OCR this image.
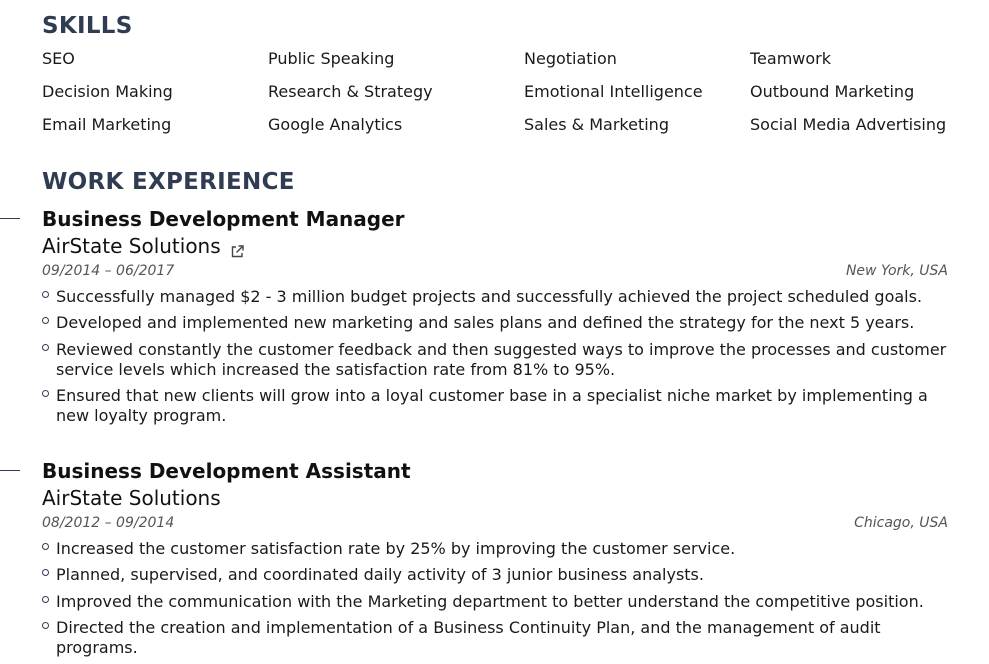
SKILLS
SEO	Public Speaking	Negotiation	Teamwork
Decision Making	Research & Strategy	Emotional Intelligence	Outbound Marketing
Email Marketing	Google Analytics	Sales & Marketing	Social Media Advertising
WORK EXPERIENCE
Business Development Manager
AirState Solutions
09/2014 – 06/2017	New York, USA
Successfully managed $2 - 3 million budget projects and successfully achieved the project scheduled goals.
Developed and implemented new marketing and sales plans and defined the strategy for the next 5 years.
Reviewed constantly the customer feedback and then suggested ways to improve the processes and customer service levels which increased the satisfaction rate from 81% to 95%.
Ensured that new clients will grow into a loyal customer base in a specialist niche market by implementing a new loyalty program.
Business Development Assistant
AirState Solutions
08/2012 – 09/2014	Chicago, USA
Increased the customer satisfaction rate by 25% by improving the customer service.
Planned, supervised, and coordinated daily activity of 3 junior business analysts.
Improved the communication with the Marketing department to better understand the competitive position.
Directed the creation and implementation of a Business Continuity Plan, and the management of audit programs.
